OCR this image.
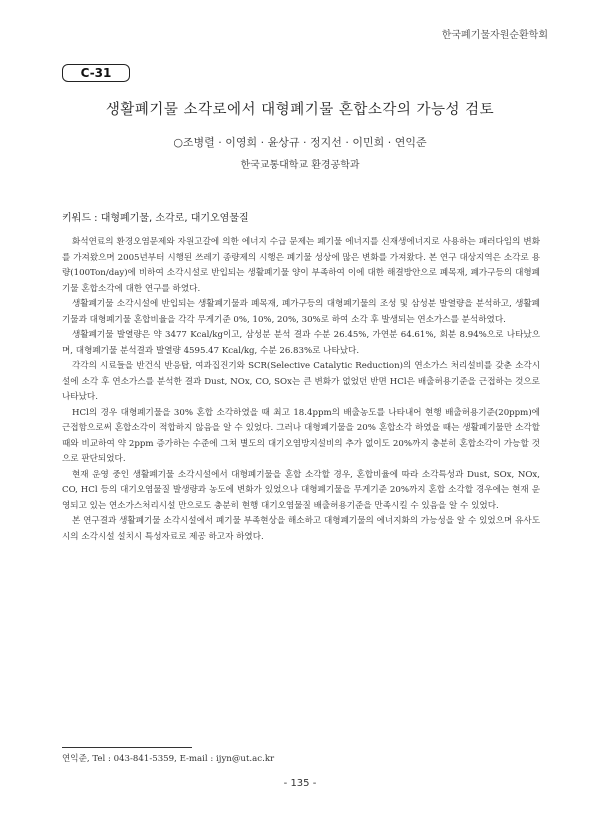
한국폐기물자원순환학회
C-31
생활폐기물 소각로에서 대형폐기물 혼합소각의 가능성 검토
○조병렬 · 이영희 · 윤상규 · 정지선 · 이민희 · 연익준
한국교통대학교 환경공학과
키워드 : 대형폐기물, 소각로, 대기오염물질

화석연료의 환경오염문제와 자원고갈에 의한 에너지 수급 문제는 폐기물 에너지를 신재생에너지로 사용하는 패러다임의 변화를 가져왔으며 2005년부터 시행된 쓰레기 종량제의 시행은 폐기물 성상에 많은 변화를 가져왔다. 본 연구 대상지역은 소각로 용량(100Ton/day)에 비하여 소각시설로 반입되는 생활폐기물 양이 부족하여 이에 대한 해결방안으로 폐목재, 폐가구등의 대형폐기물 혼합소각에 대한 연구를 하였다.

생활폐기물 소각시설에 반입되는 생활폐기물과 폐목재, 폐가구등의 대형폐기물의 조성 및 삼성분 발열량을 분석하고, 생활폐기물과 대형폐기물 혼합비율을 각각 무게기준 0%, 10%, 20%, 30%로 하여 소각 후 발생되는 연소가스를 분석하였다.

생활폐기물 발열량은 약 3477 Kcal/kg이고, 삼성분 분석 결과 수분 26.45%, 가연분 64.61%, 회분 8.94%으로 나타났으며, 대형폐기물 분석결과 발열량 4595.47 Kcal/kg, 수분 26.83%로 나타났다.

각각의 시료들을 반건식 반응탑, 여과집진기와 SCR(Selective Catalytic Reduction)의 연소가스 처리설비를 갖춘 소각시설에 소각 후 연소가스를 분석한 결과 Dust, NOx, CO, SOx는 큰 변화가 없었던 반면 HCl은 배출허용기준을 근접하는 것으로 나타났다.

HCl의 경우 대형폐기물을 30% 혼합 소각하였을 때 최고 18.4ppm의 배출농도를 나타내어 현행 배출허용기준(20ppm)에 근접함으로써 혼합소각이 적합하지 않음을 알 수 있었다. 그러나 대형폐기물을 20% 혼합소각 하였을 때는 생활폐기물만 소각할 때와 비교하여 약 2ppm 증가하는 수준에 그쳐 별도의 대기오염방지설비의 추가 없이도 20%까지 충분히 혼합소각이 가능할 것으로 판단되었다.

현재 운영 중인 생활폐기물 소각시설에서 대형폐기물을 혼합 소각할 경우, 혼합비율에 따라 소각특성과 Dust, SOx, NOx, CO, HCl 등의 대기오염물질 발생량과 농도에 변화가 있었으나 대형폐기물을 무게기준 20%까지 혼합 소각할 경우에는 현재 운영되고 있는 연소가스처리시설 만으로도 충분히 현행 대기오염물질 배출허용기준을 만족시킬 수 있음을 알 수 있었다.

본 연구결과 생활폐기물 소각시설에서 폐기물 부족현상을 해소하고 대형폐기물의 에너지화의 가능성을 알 수 있었으며 유사도시의 소각시설 설치시 특성자료로 제공 하고자 하였다.

연익준, Tel : 043-841-5359, E-mail : ijyn@ut.ac.kr
- 135 -
